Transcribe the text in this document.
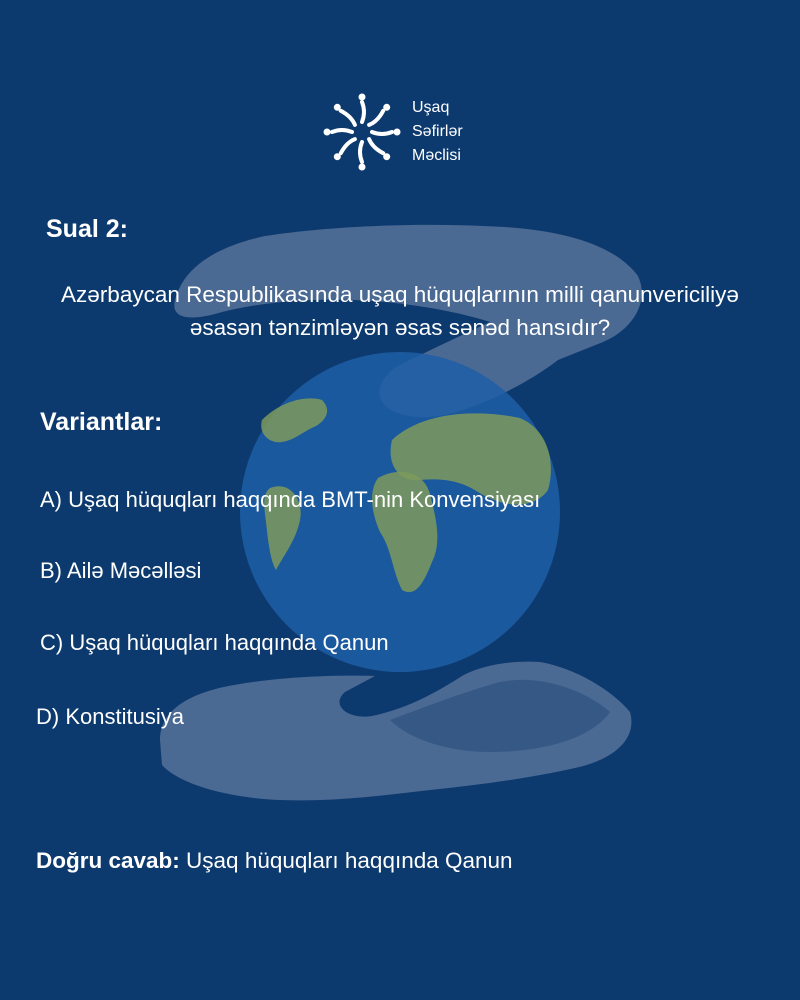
Uşaq
Səfirlər
Məclisi
Sual 2:
Azərbaycan Respublikasında uşaq hüquqlarının milli qanunvericiliyə əsasən tənzimləyən əsas sənəd hansıdır?
Variantlar:
A) Uşaq hüquqları haqqında BMT-nin Konvensiyası
B) Ailə Məcəlləsi
C) Uşaq hüquqları haqqında Qanun
D) Konstitusiya
Doğru cavab: Uşaq hüquqları haqqında Qanun
